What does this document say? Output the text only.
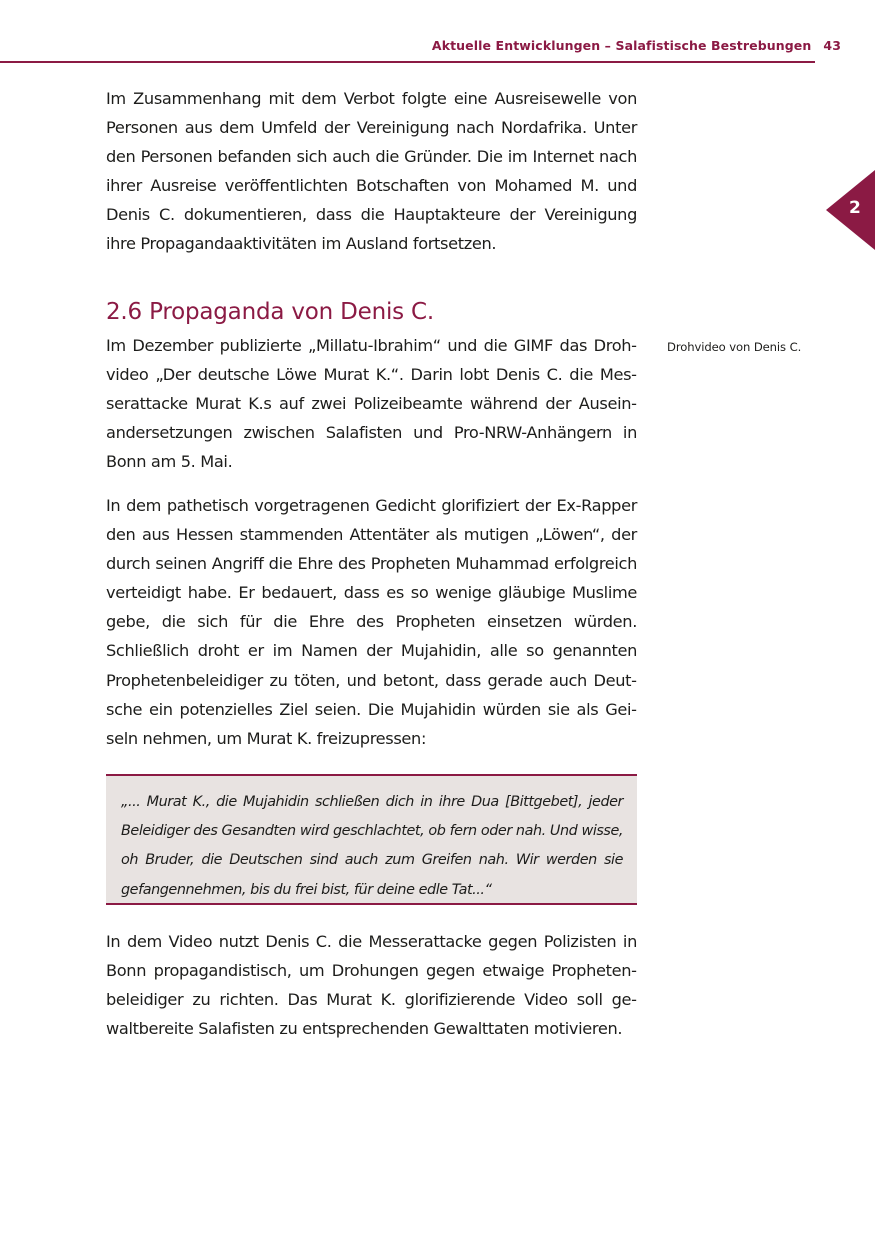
Aktuelle Entwicklungen – Salafistische Bestrebungen 43
2

Im Zusammenhang mit dem Verbot folgte eine Ausreisewelle von Personen aus dem Umfeld der Vereinigung nach Nordafrika. Unter den Personen befanden sich auch die Gründer. Die im Internet nach ihrer Ausreise veröffentlichten Botschaften von Mohamed M. und Denis C. dokumentieren, dass die Hauptakteure der Vereinigung ihre Propagandaaktivitäten im Ausland fortsetzen.

2.6 Propaganda von Denis C.

Im Dezember publizierte „Millatu-Ibrahim“ und die GIMF das Drohvideo „Der deutsche Löwe Murat K.“. Darin lobt Denis C. die Messerattacke Murat K.s auf zwei Polizeibeamte während der Auseinandersetzungen zwischen Salafisten und Pro-NRW-Anhängern in Bonn am 5. Mai.

In dem pathetisch vorgetragenen Gedicht glorifiziert der Ex-Rapper den aus Hessen stammenden Attentäter als mutigen „Löwen“, der durch seinen Angriff die Ehre des Propheten Muhammad erfolgreich verteidigt habe. Er bedauert, dass es so wenige gläubige Muslime gebe, die sich für die Ehre des Propheten einsetzen würden. Schließlich droht er im Namen der Mujahidin, alle so genannten Prophetenbeleidiger zu töten, und betont, dass gerade auch Deutsche ein potenzielles Ziel seien. Die Mujahidin würden sie als Geiseln nehmen, um Murat K. freizupressen:

„... Murat K., die Mujahidin schließen dich in ihre Dua [Bittgebet], jeder Beleidiger des Gesandten wird geschlachtet, ob fern oder nah. Und wisse, oh Bruder, die Deutschen sind auch zum Greifen nah. Wir werden sie gefangennehmen, bis du frei bist, für deine edle Tat...“

In dem Video nutzt Denis C. die Messerattacke gegen Polizisten in Bonn propagandistisch, um Drohungen gegen etwaige Prophetenbeleidiger zu richten. Das Murat K. glorifizierende Video soll gewaltbereite Salafisten zu entsprechenden Gewalttaten motivieren.

Drohvideo von Denis C.
